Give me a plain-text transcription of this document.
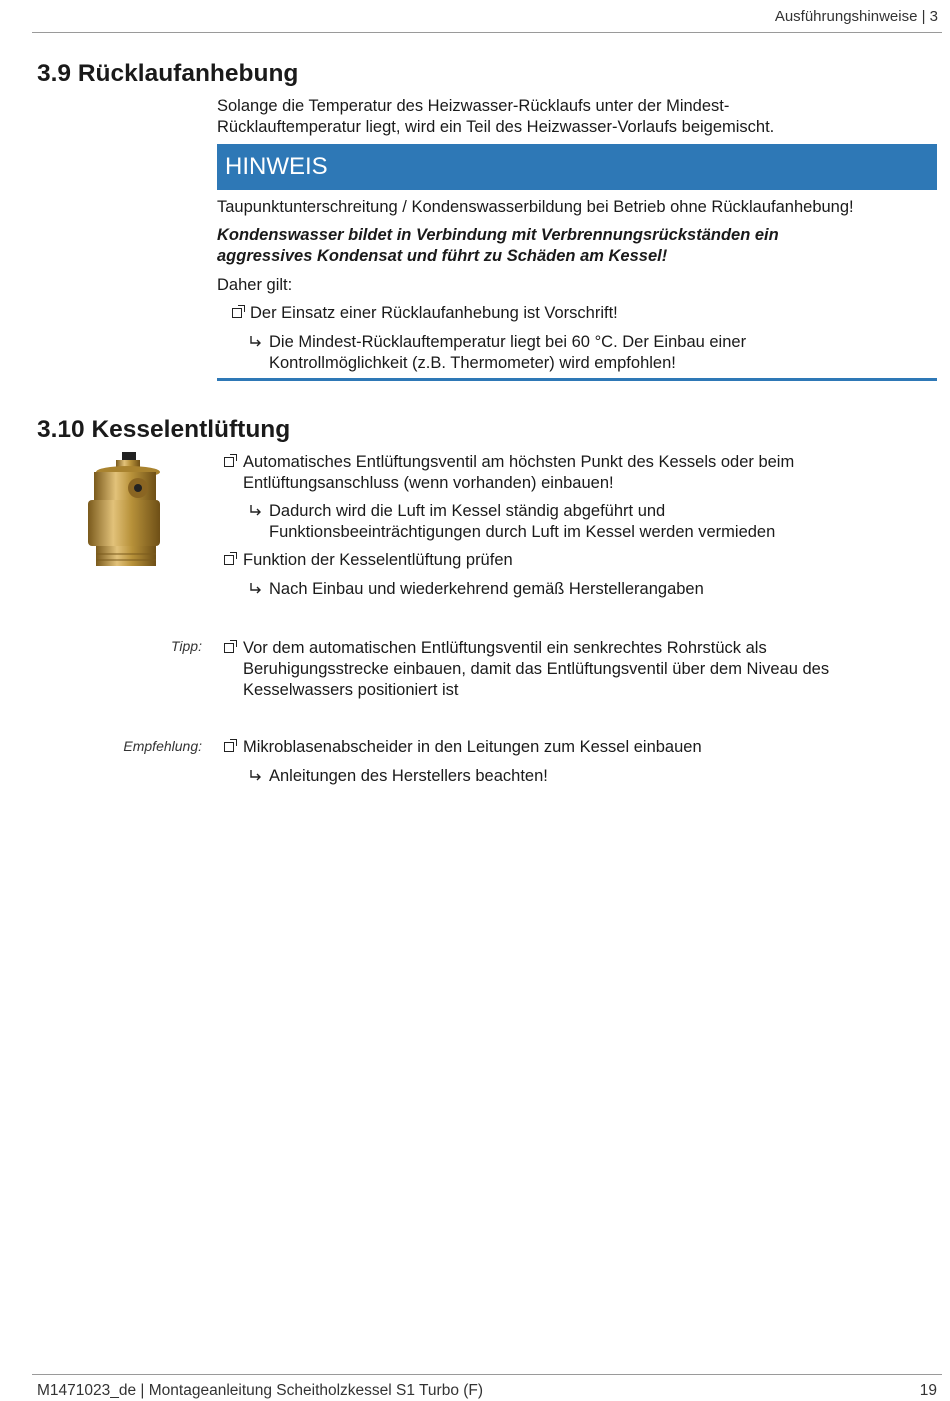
Ausführungshinweise | 3
3.9 Rücklaufanhebung
Solange die Temperatur des Heizwasser-Rücklaufs unter der Mindest-
Rücklauftemperatur liegt, wird ein Teil des Heizwasser-Vorlaufs beigemischt.
HINWEIS
Taupunktunterschreitung / Kondenswasserbildung bei Betrieb ohne Rücklaufanhebung!
Kondenswasser bildet in Verbindung mit Verbrennungsrückständen ein
aggressives Kondensat und führt zu Schäden am Kessel!
Daher gilt:
Der Einsatz einer Rücklaufanhebung ist Vorschrift!
Die Mindest-Rücklauftemperatur liegt bei 60 °C. Der Einbau einer
Kontrollmöglichkeit (z.B. Thermometer) wird empfohlen!
3.10 Kesselentlüftung
Automatisches Entlüftungsventil am höchsten Punkt des Kessels oder beim
Entlüftungsanschluss (wenn vorhanden) einbauen!
Dadurch wird die Luft im Kessel ständig abgeführt und
Funktionsbeeinträchtigungen durch Luft im Kessel werden vermieden
Funktion der Kesselentlüftung prüfen
Nach Einbau und wiederkehrend gemäß Herstellerangaben
Tipp: Vor dem automatischen Entlüftungsventil ein senkrechtes Rohrstück als
Beruhigungsstrecke einbauen, damit das Entlüftungsventil über dem Niveau des
Kesselwassers positioniert ist
Empfehlung:	Mikroblasenabscheider in den Leitungen zum Kessel einbauen
Anleitungen des Herstellers beachten!
M1471023_de | Montageanleitung Scheitholzkessel S1 Turbo (F)	19
